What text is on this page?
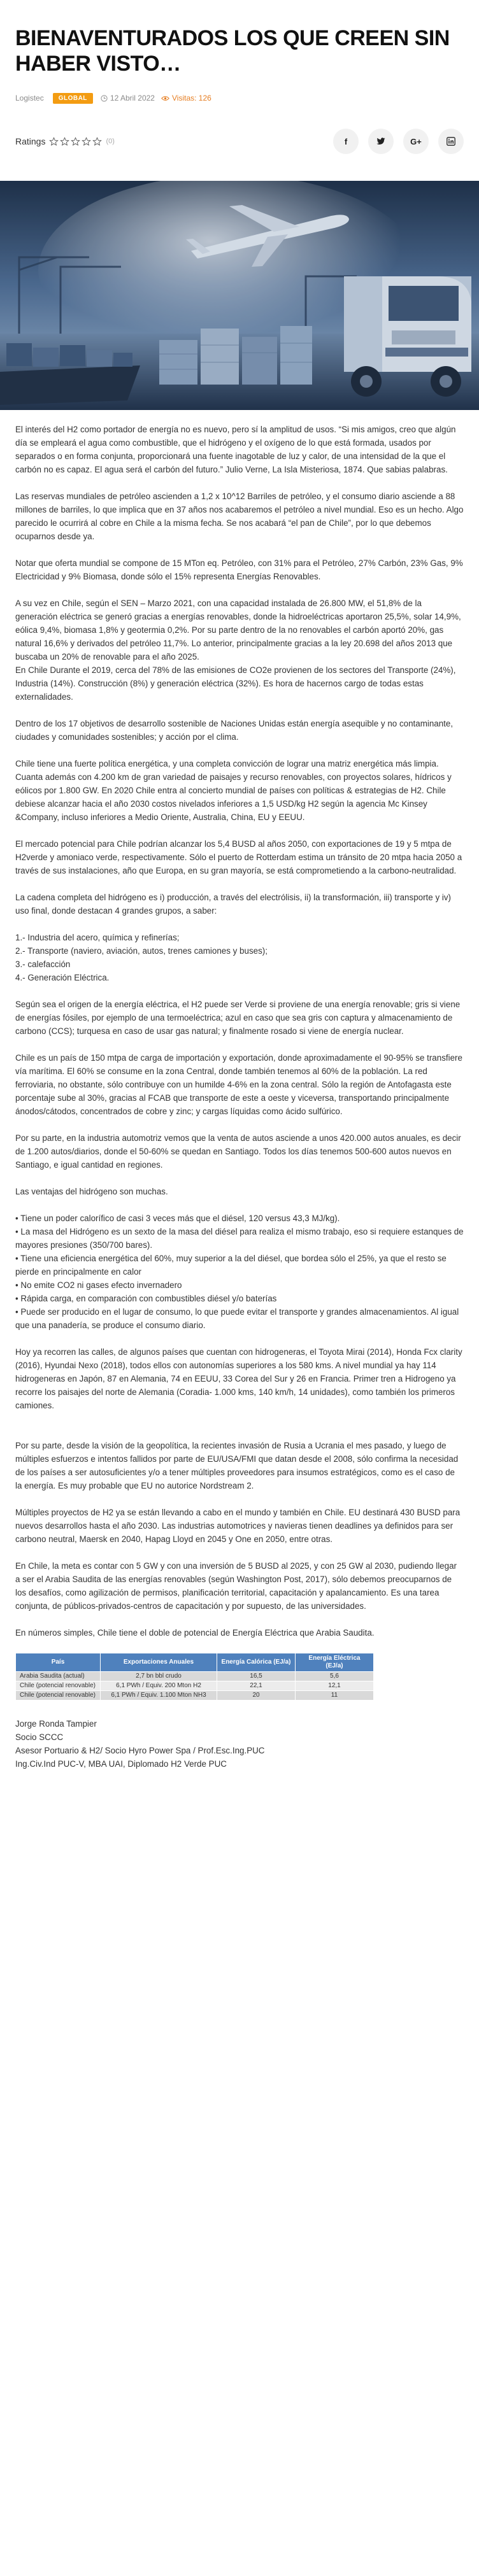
BIENAVENTURADOS LOS QUE CREEN SIN HABER VISTO…
Logistec	GLOBAL	12 Abril 2022 Visitas: 126
Ratings	(0)	f	G+

El interés del H2 como portador de energía no es nuevo, pero sí la amplitud de usos. “Si mis amigos, creo que algún día se empleará el agua como combustible, que el hidrógeno y el oxígeno de lo que está formada, usados por separados o en forma conjunta, proporcionará una fuente inagotable de luz y calor, de una intensidad de la que el carbón no es capaz. El agua será el carbón del futuro.” Julio Verne, La Isla Misteriosa, 1874. Que sabias palabras.

Las reservas mundiales de petróleo ascienden a 1,2 x 10^12 Barriles de petróleo, y el consumo diario asciende a 88 millones de barriles, lo que implica que en 37 años nos acabaremos el petróleo a nivel mundial. Eso es un hecho. Algo parecido le ocurrirá al cobre en Chile a la misma fecha. Se nos acabará “el pan de Chile”, por lo que debemos ocuparnos desde ya.

Notar que oferta mundial se compone de 15 MTon eq. Petróleo, con 31% para el Petróleo, 27% Carbón, 23% Gas, 9% Electricidad y 9% Biomasa, donde sólo el 15% representa Energías Renovables.

A su vez en Chile, según el SEN – Marzo 2021, con una capacidad instalada de 26.800 MW, el 51,8% de la generación eléctrica se generó gracias a energías renovables, donde la hidroeléctricas aportaron 25,5%, solar 14,9%, eólica 9,4%, biomasa 1,8% y geotermia 0,2%. Por su parte dentro de la no renovables el carbón aportó 20%, gas natural 16,6% y derivados del petróleo 11,7%. Lo anterior, principalmente gracias a la ley 20.698 del años 2013 que buscaba un 20% de renovable para el año 2025.

En Chile Durante el 2019, cerca del 78% de las emisiones de CO2e provienen de los sectores del Transporte (24%), Industria (14%). Construcción (8%) y generación eléctrica (32%). Es hora de hacernos cargo de todas estas externalidades.

Dentro de los 17 objetivos de desarrollo sostenible de Naciones Unidas están energía asequible y no contaminante, ciudades y comunidades sostenibles; y acción por el clima.

Chile tiene una fuerte política energética, y una completa convicción de lograr una matriz energética más limpia. Cuanta además con 4.200 km de gran variedad de paisajes y recurso renovables, con proyectos solares, hídricos y eólicos por 1.800 GW. En 2020 Chile entra al concierto mundial de países con políticas & estrategias de H2. Chile debiese alcanzar hacia el año 2030 costos nivelados inferiores a 1,5 USD/kg H2 según la agencia Mc Kinsey &Company, incluso inferiores a Medio Oriente, Australia, China, EU y EEUU.

El mercado potencial para Chile podrían alcanzar los 5,4 BUSD al años 2050, con exportaciones de 19 y 5 mtpa de H2verde y amoniaco verde, respectivamente. Sólo el puerto de Rotterdam estima un tránsito de 20 mtpa hacia 2050 a través de sus instalaciones, año que Europa, en su gran mayoría, se está comprometiendo a la carbono-neutralidad.

La cadena completa del hidrógeno es i) producción, a través del electrólisis, ii) la transformación, iii) transporte y iv) uso final, donde destacan 4 grandes grupos, a saber:

1.- Industria del acero, química y refinerías;
2.- Transporte (naviero, aviación, autos, trenes camiones y buses);
3.- calefacción
4.- Generación Eléctrica.

Según sea el origen de la energía eléctrica, el H2 puede ser Verde si proviene de una energía renovable; gris si viene de energías fósiles, por ejemplo de una termoeléctrica; azul en caso que sea gris con captura y almacenamiento de carbono (CCS); turquesa en caso de usar gas natural; y finalmente rosado si viene de energía nuclear.

Chile es un país de 150 mtpa de carga de importación y exportación, donde aproximadamente el 90-95% se transfiere vía marítima. El 60% se consume en la zona Central, donde también tenemos al 60% de la población. La red ferroviaria, no obstante, sólo contribuye con un humilde 4-6% en la zona central. Sólo la región de Antofagasta este porcentaje sube al 30%, gracias al FCAB que transporte de este a oeste y viceversa, transportando principalmente ánodos/cátodos, concentrados de cobre y zinc; y cargas líquidas como ácido sulfúrico.

Por su parte, en la industria automotriz vemos que la venta de autos asciende a unos 420.000 autos anuales, es decir de 1.200 autos/diarios, donde el 50-60% se quedan en Santiago. Todos los días tenemos 500-600 autos nuevos en Santiago, e igual cantidad en regiones.

Las ventajas del hidrógeno son muchas.

• Tiene un poder calorífico de casi 3 veces más que el diésel, 120 versus 43,3 MJ/kg).
• La masa del Hidrógeno es un sexto de la masa del diésel para realiza el mismo trabajo, eso si requiere estanques de mayores presiones (350/700 bares).
• Tiene una eficiencia energética del 60%, muy superior a la del diésel, que bordea sólo el 25%, ya que el resto se pierde en principalmente en calor
• No emite CO2 ni gases efecto invernadero
• Rápida carga, en comparación con combustibles diésel y/o baterías
• Puede ser producido en el lugar de consumo, lo que puede evitar el transporte y grandes almacenamientos. Al igual que una panadería, se produce el consumo diario.

Hoy ya recorren las calles, de algunos países que cuentan con hidrogeneras, el Toyota Mirai (2014), Honda Fcx clarity (2016), Hyundai Nexo (2018), todos ellos con autonomías superiores a los 580 kms. A nivel mundial ya hay 114 hidrogeneras en Japón, 87 en Alemania, 74 en EEUU, 33 Corea del Sur y 26 en Francia. Primer tren a Hidrogeno ya recorre los paisajes del norte de Alemania (Coradia- 1.000 kms, 140 km/h, 14 unidades), como también los primeros camiones.

Por su parte, desde la visión de la geopolítica, la recientes invasión de Rusia a Ucrania el mes pasado, y luego de múltiples esfuerzos e intentos fallidos por parte de EU/USA/FMI que datan desde el 2008, sólo confirma la necesidad de los países a ser autosuficientes y/o a tener múltiples proveedores para insumos estratégicos, como es el caso de la energía. Es muy probable que EU no autorice Nordstream 2.

Múltiples proyectos de H2 ya se están llevando a cabo en el mundo y también en Chile. EU destinará 430 BUSD para nuevos desarrollos hasta el año 2030. Las industrias automotrices y navieras tienen deadlines ya definidos para ser carbono neutral, Maersk en 2040, Hapag Lloyd en 2045 y One en 2050, entre otras.

En Chile, la meta es contar con 5 GW y con una inversión de 5 BUSD al 2025, y con 25 GW al 2030, pudiendo llegar a ser el Arabia Saudita de las energías renovables (según Washington Post, 2017), sólo debemos preocuparnos de los desafíos, como agilización de permisos, planificación territorial, capacitación y apalancamiento. Es una tarea conjunta, de públicos-privados-centros de capacitación y por supuesto, de las universidades.

En números simples, Chile tiene el doble de potencial de Energía Eléctrica que Arabia Saudita.

País	Exportaciones Anuales	Energía Calórica (EJ/a)	Energía Eléctrica (EJ/a)
Arabia Saudita (actual)	2,7 bn bbl crudo	16,5	5,6
Chile (potencial renovable)	6,1 PWh / Equiv. 200 Mton H2	22,1	12,1
Chile (potencial renovable)	6,1 PWh / Equiv. 1.100 Mton NH3	20	11

Jorge Ronda Tampier

Socio SCCC

Asesor Portuario & H2/ Socio Hyro Power Spa / Prof.Esc.Ing.PUC

Ing.Civ.Ind PUC-V, MBA UAI, Diplomado H2 Verde PUC
